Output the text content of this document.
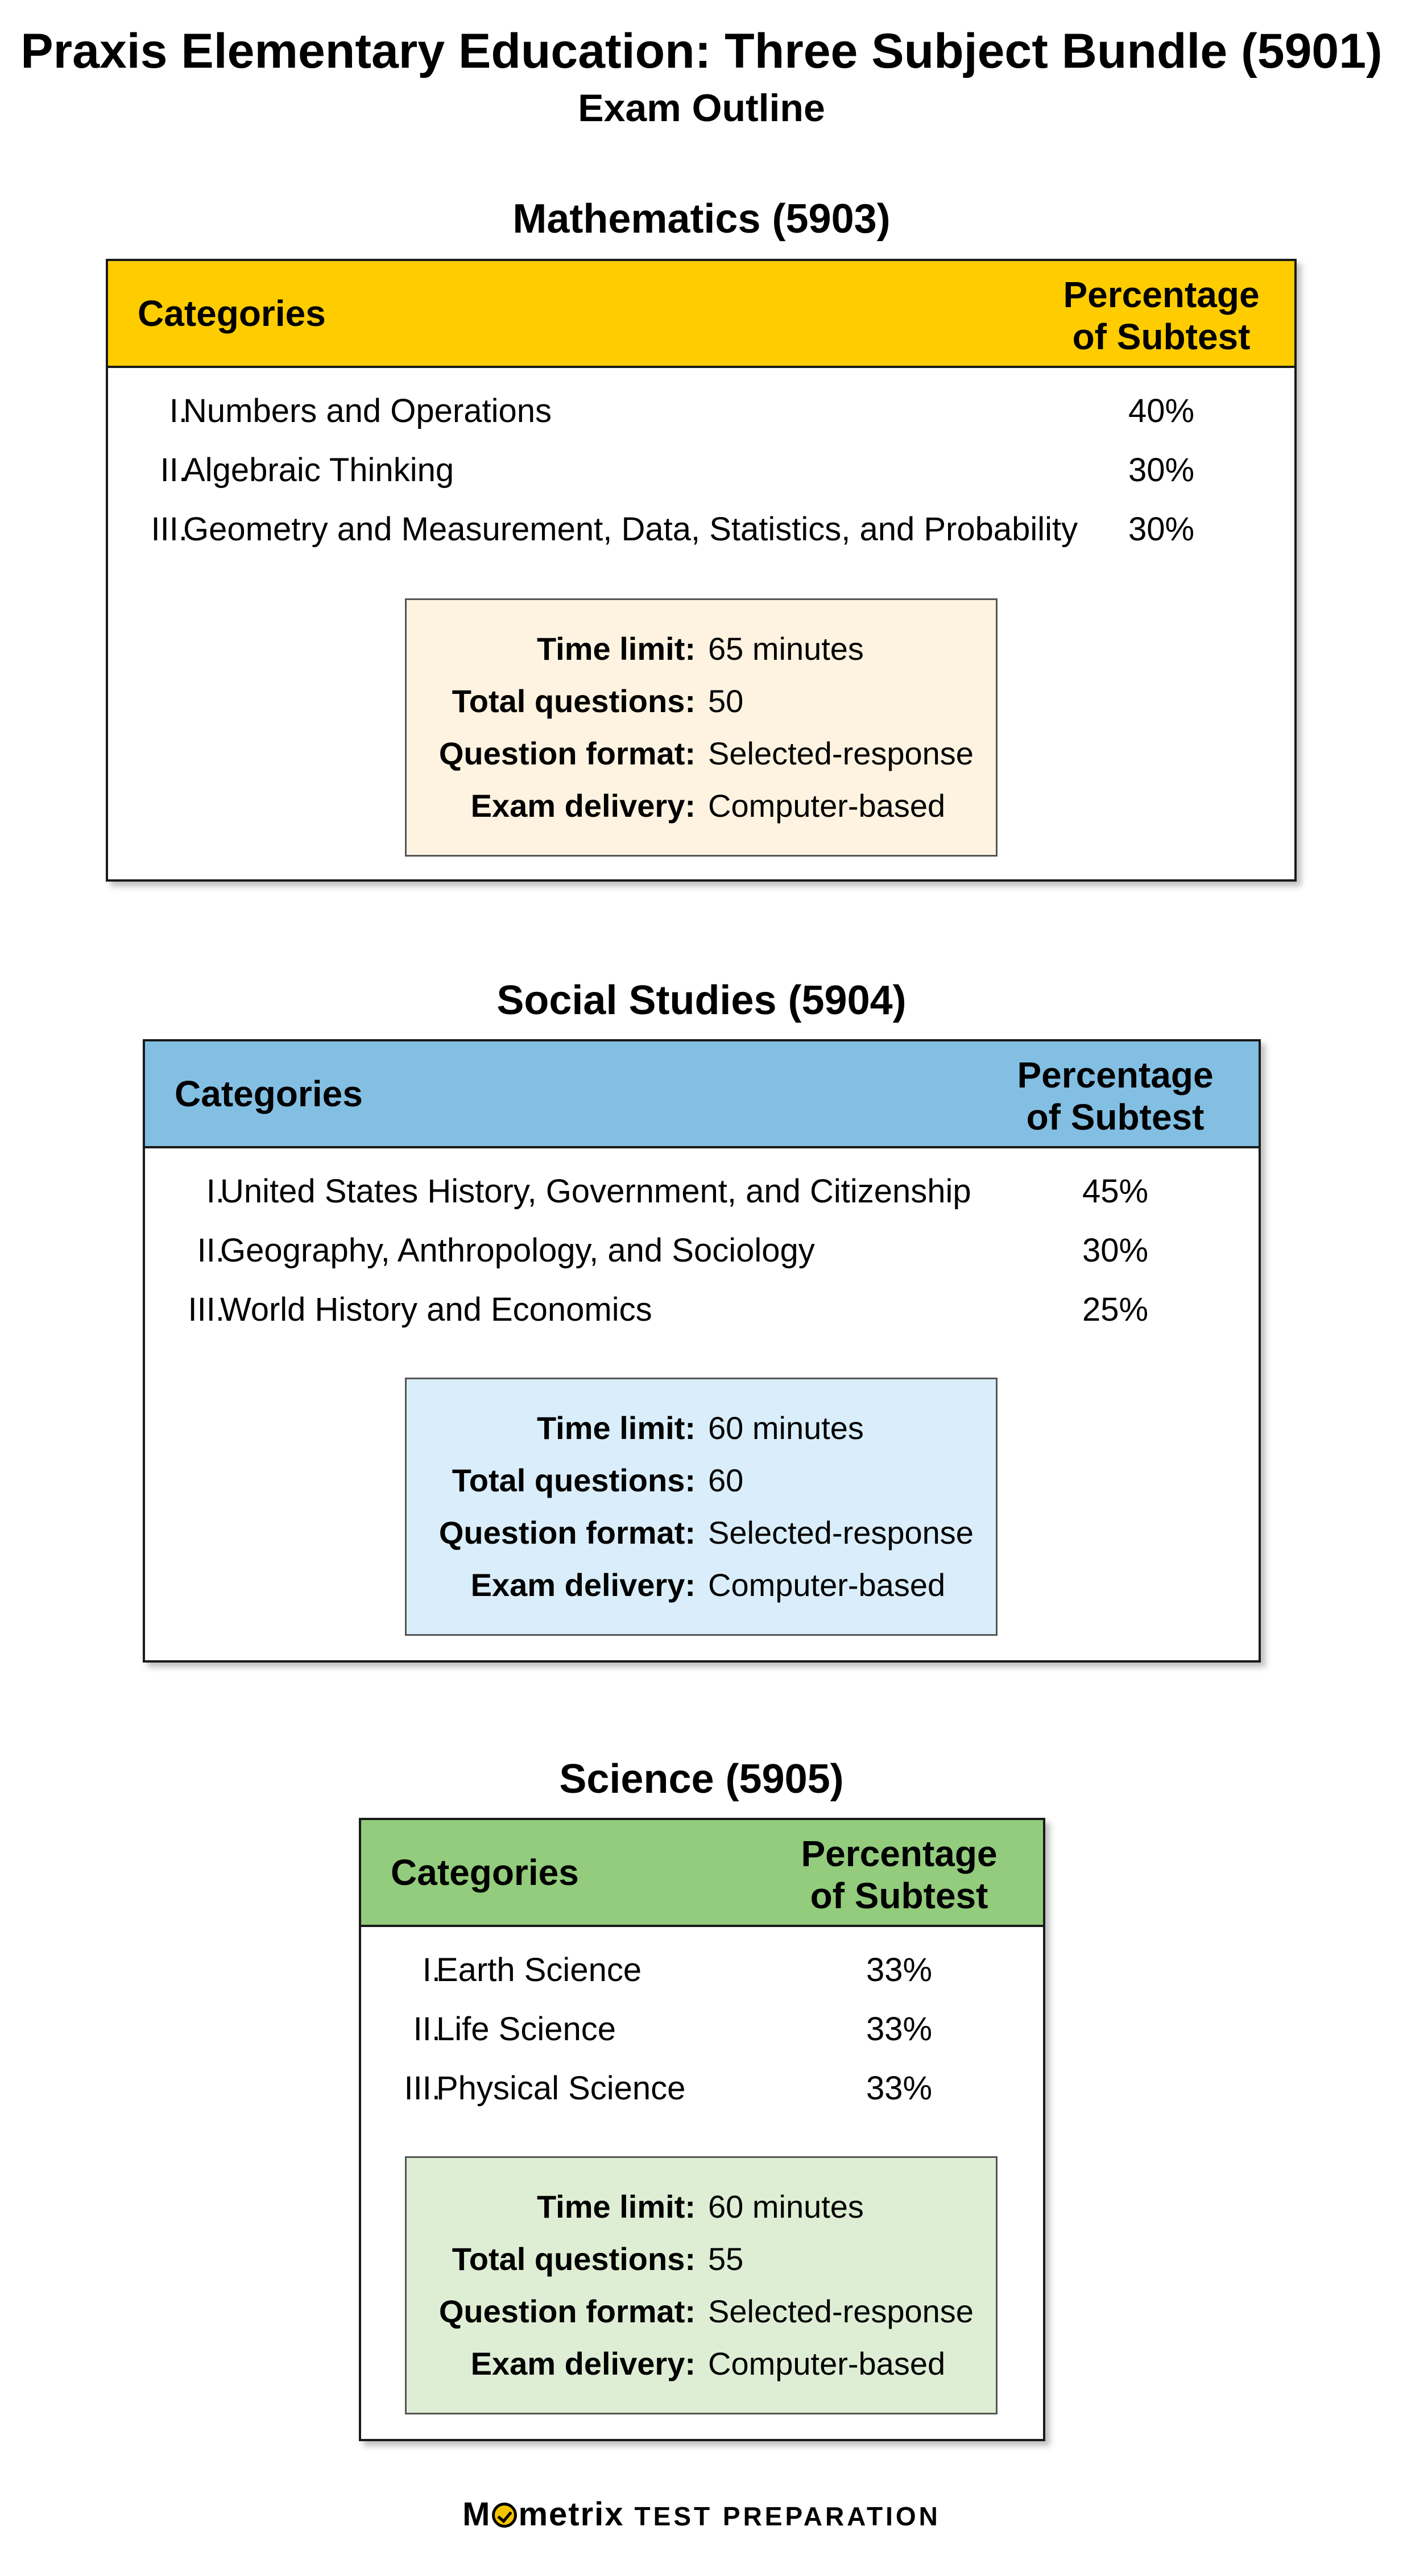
Praxis Elementary Education: Three Subject Bundle (5901)
Exam Outline
Mathematics (5903)
Categories	Percentage
of Subtest
I.
Numbers and Operations	40%
II.
Algebraic Thinking	30%
III.
Geometry and Measurement, Data, Statistics, and Probability	30%
Time limit: 65 minutes
Total questions: 50
Question format: Selected-response
Exam delivery: Computer-based
Social Studies (5904)
Categories	Percentage
of Subtest
I.
United States History, Government, and Citizenship	45%
II.
Geography, Anthropology, and Sociology	30%
III.
World History and Economics	25%
Time limit: 60 minutes
Total questions: 60
Question format: Selected-response
Exam delivery: Computer-based
Science (5905)
Categories	Percentage
of Subtest
I.
Earth Science	33%
II.
Life Science	33%
III.
Physical Science	33%
Time limit: 60 minutes
Total questions: 55
Question format: Selected-response
Exam delivery: Computer-based
M metrix TEST PREPARATION
